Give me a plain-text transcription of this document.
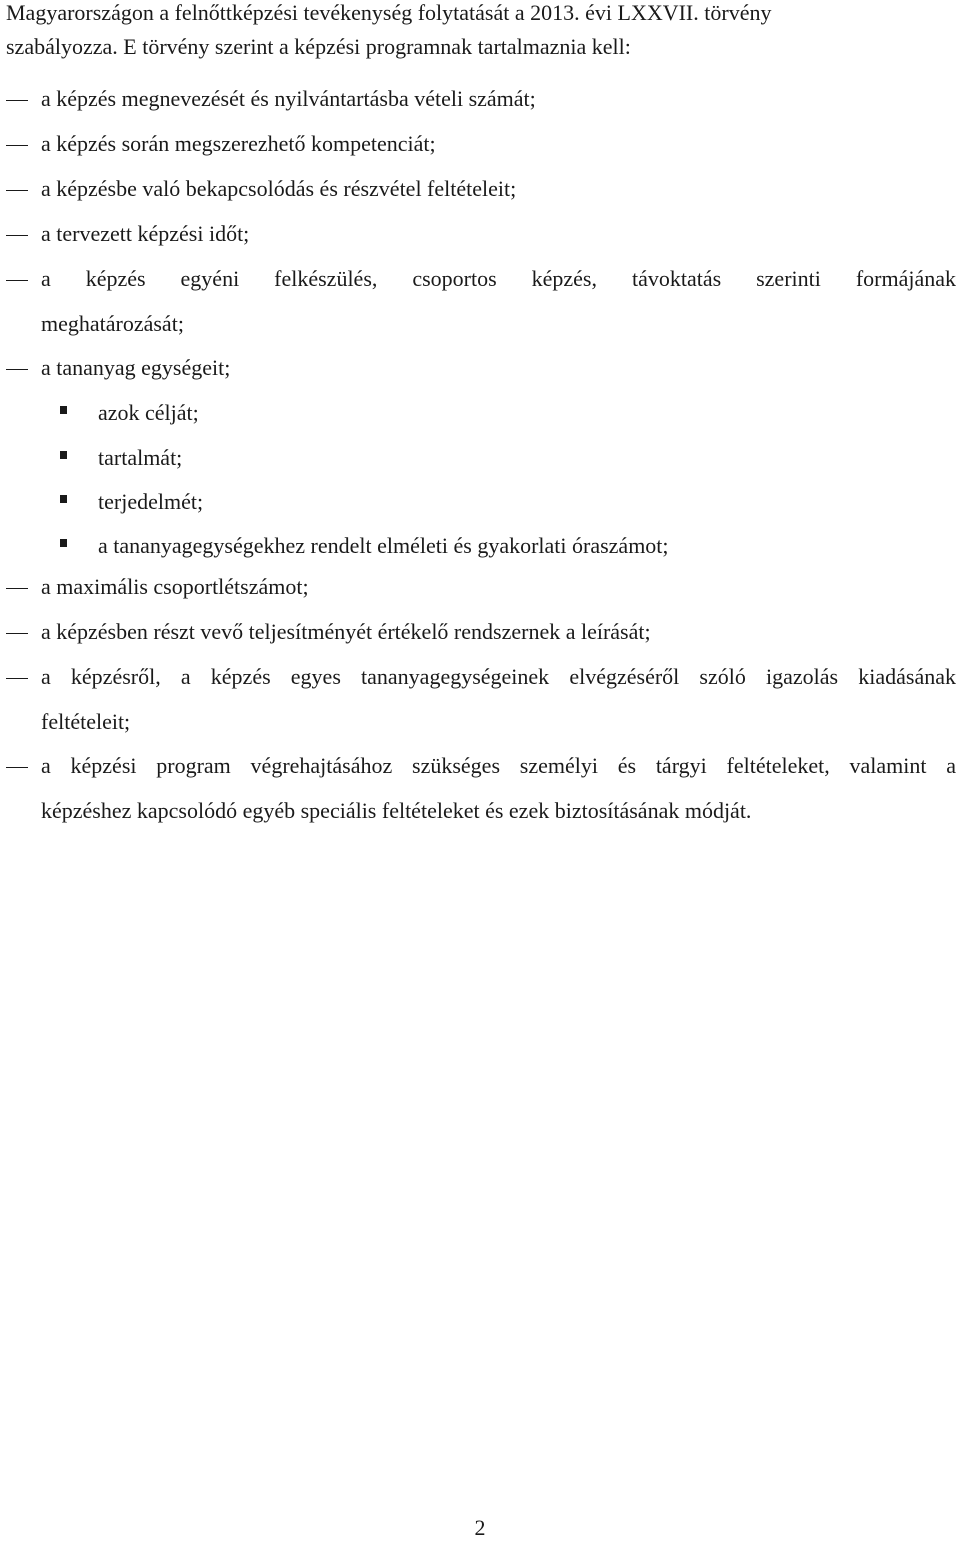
Magyarországon a felnőttképzési tevékenység folytatását a 2013. évi LXXVII. törvény
szabályozza. E törvény szerint a képzési programnak tartalmaznia kell:

a képzés megnevezését és nyilvántartásba vételi számát;
a képzés során megszerezhető kompetenciát;
a képzésbe való bekapcsolódás és részvétel feltételeit;
a tervezett képzési időt;
a képzés egyéni felkészülés, csoportos képzés, távoktatás szerinti formájának
meghatározását;
a tananyag egységeit;
azok célját;
tartalmát;
terjedelmét;
a tananyagegységekhez rendelt elméleti és gyakorlati óraszámot;
a maximális csoportlétszámot;
a képzésben részt vevő teljesítményét értékelő rendszernek a leírását;
a képzésről, a képzés egyes tananyagegységeinek elvégzéséről szóló igazolás kiadásának
feltételeit;
a képzési program végrehajtásához szükséges személyi és tárgyi feltételeket, valamint a
képzéshez kapcsolódó egyéb speciális feltételeket és ezek biztosításának módját.
2
